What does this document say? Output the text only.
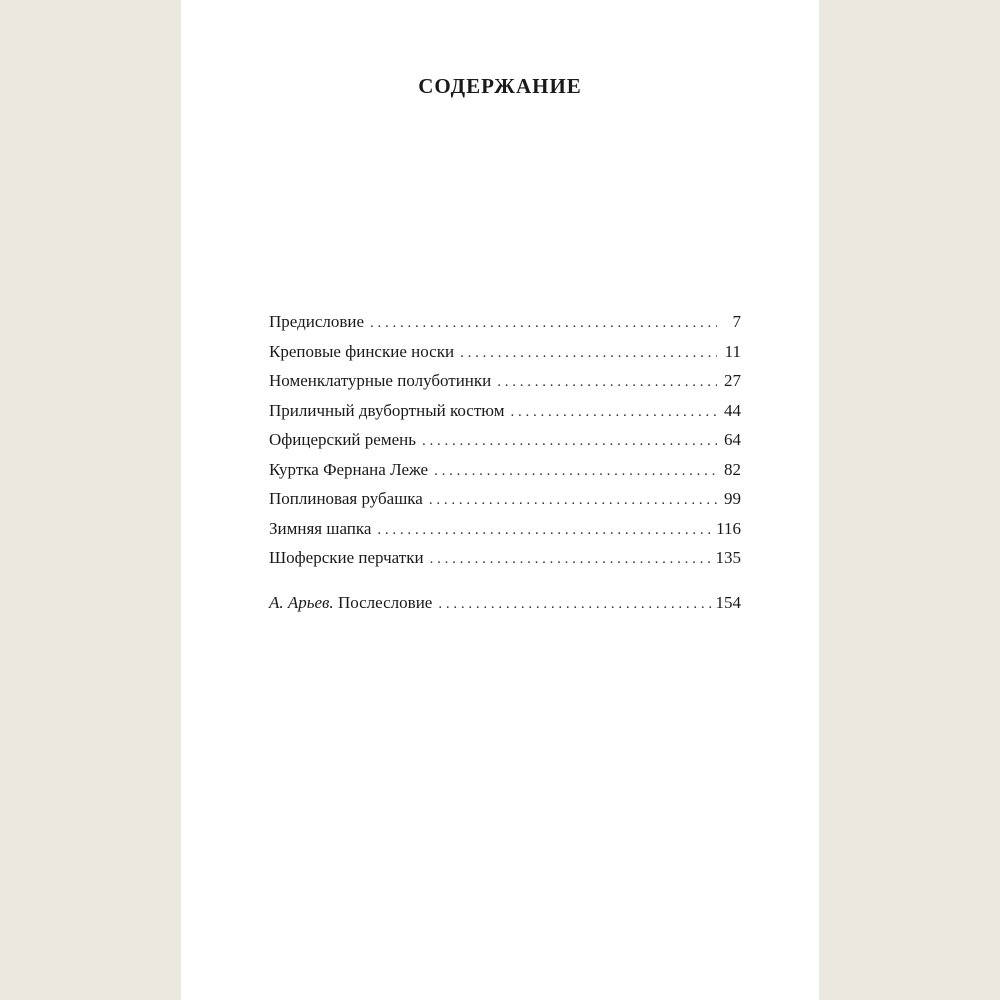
СОДЕРЖАНИЕ
Предисловие . . .	7
Креповые финские носки . . .	11
Номенклатурные полуботинки . . .	27
Приличный двубортный костюм . . .	44
Офицерский ремень . . .	64
Куртка Фернана Леже . . .	82
Поплиновая рубашка . . .	99
Зимняя шапка . . .	116
Шоферские перчатки . . .	135
А. Арьев. Послесловие . . .	154
